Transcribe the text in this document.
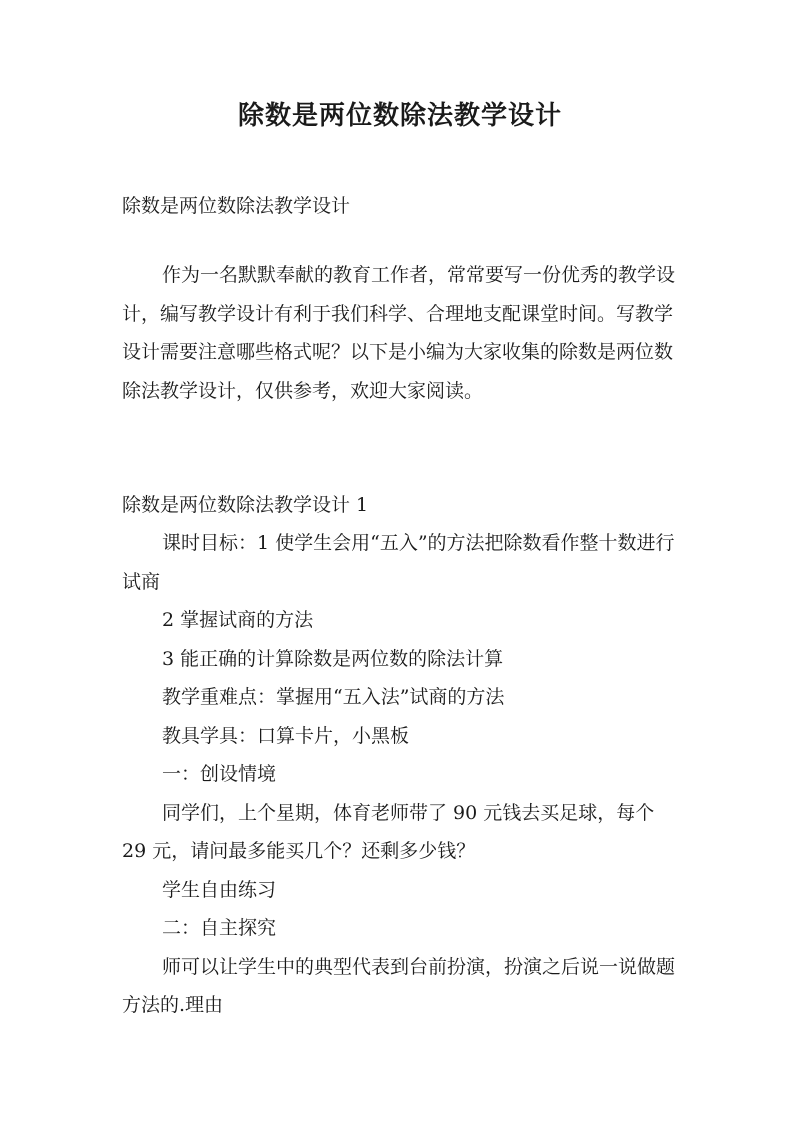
除数是两位数除法教学设计

除数是两位数除法教学设计

作为一名默默奉献的教育工作者，常常要写一份优秀的教学设计，编写教学设计有利于我们科学、合理地支配课堂时间。写教学设计需要注意哪些格式呢？以下是小编为大家收集的除数是两位数除法教学设计，仅供参考，欢迎大家阅读。

除数是两位数除法教学设计 1

课时目标：1 使学生会用“五入”的方法把除数看作整十数进行试商

2 掌握试商的方法

3 能正确的计算除数是两位数的除法计算

教学重难点：掌握用“五入法”试商的方法

教具学具：口算卡片，小黑板

一：创设情境

同学们，上个星期，体育老师带了 90 元钱去买足球，每个 29 元，请问最多能买几个？还剩多少钱？

学生自由练习

二：自主探究

师可以让学生中的典型代表到台前扮演，扮演之后说一说做题方法的.理由
